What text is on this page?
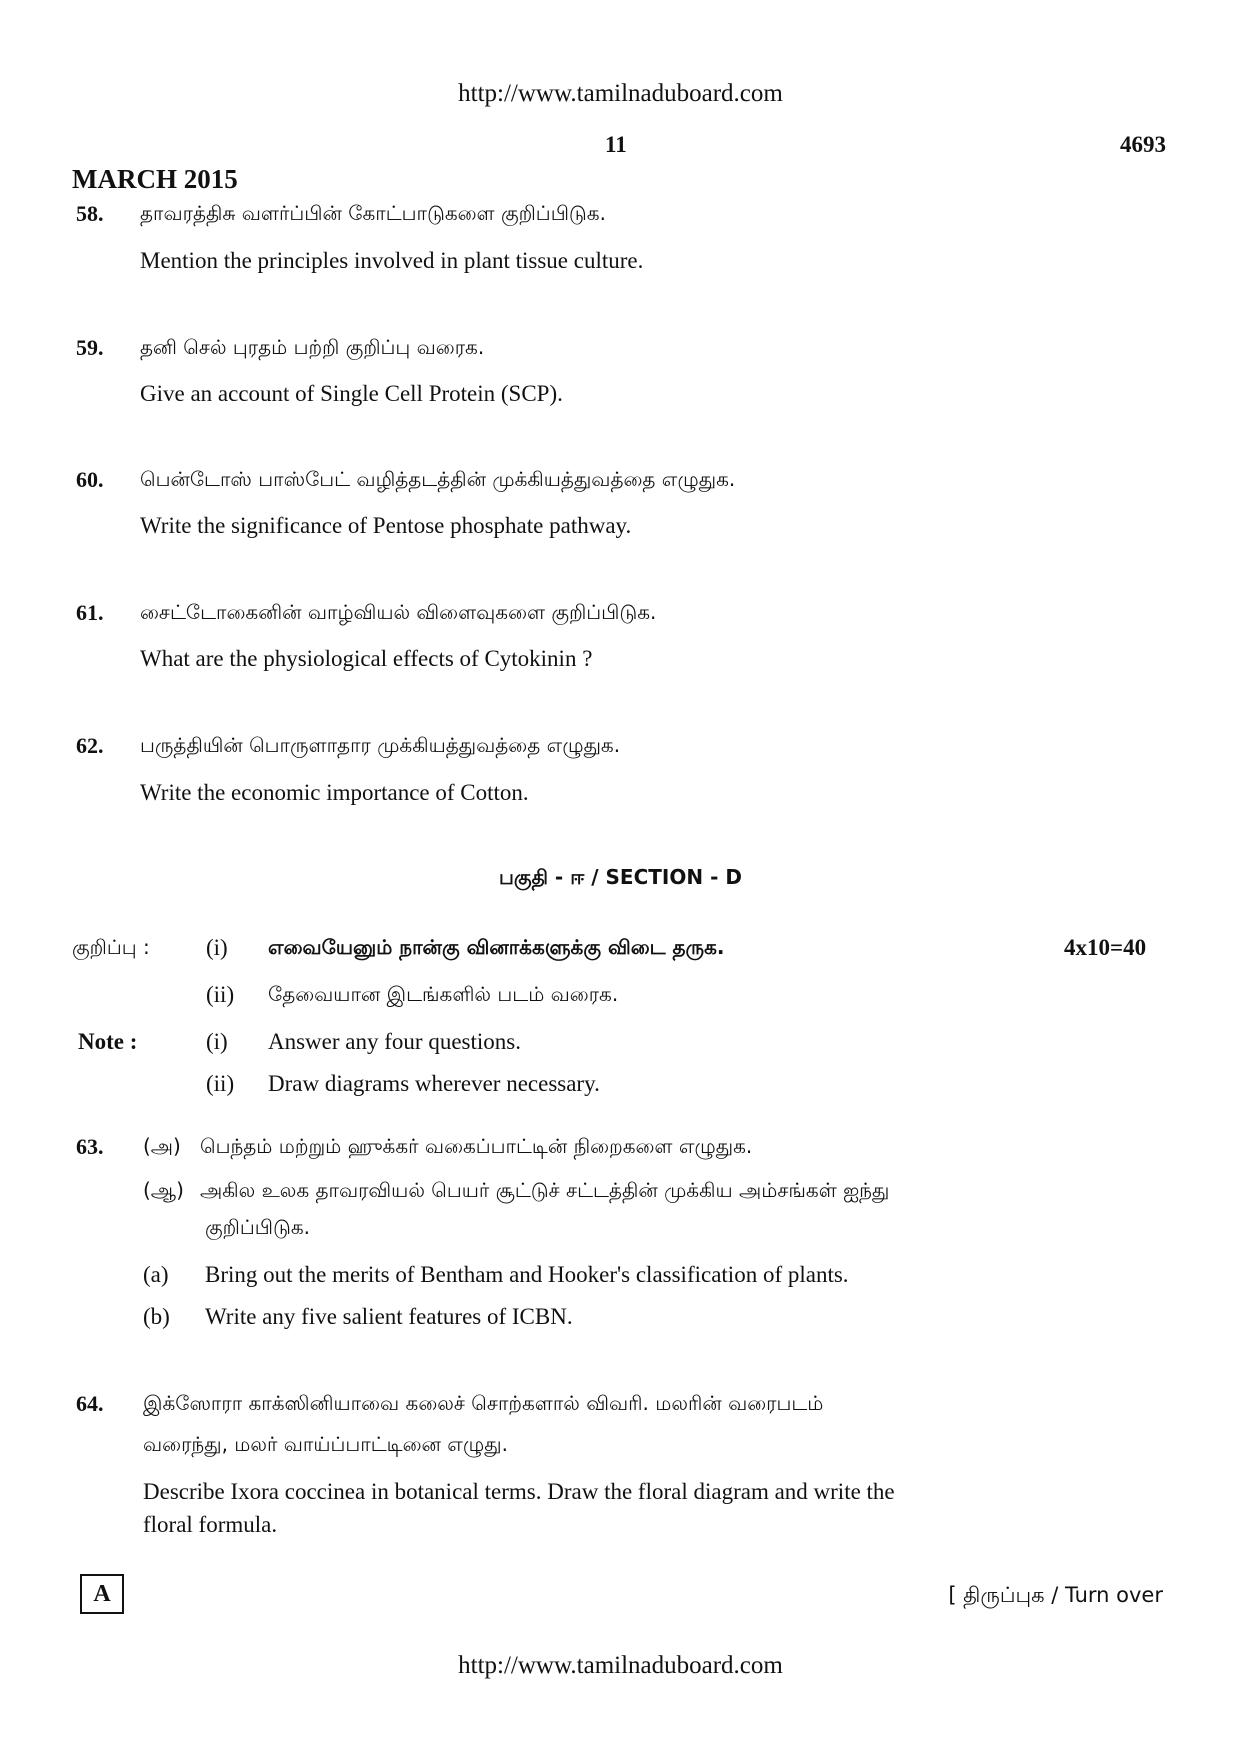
http://www.tamilnaduboard.com
11	4693
MARCH 2015
58. தாவரத்திசு வளர்ப்பின் கோட்பாடுகளை குறிப்பிடுக.
Mention the principles involved in plant tissue culture.
59. தனி செல் புரதம் பற்றி குறிப்பு வரைக.
Give an account of Single Cell Protein (SCP).
60. பென்டோஸ் பாஸ்பேட் வழித்தடத்தின் முக்கியத்துவத்தை எழுதுக.
Write the significance of Pentose phosphate pathway.
61. சைட்டோகைனின் வாழ்வியல் விளைவுகளை குறிப்பிடுக.
What are the physiological effects of Cytokinin ?
62. பருத்தியின் பொருளாதார முக்கியத்துவத்தை எழுதுக.
Write the economic importance of Cotton.
பகுதி - ஈ / SECTION - D
குறிப்பு : (i) எவையேனும் நான்கு வினாக்களுக்கு விடை தருக.	4x10=40
(ii) தேவையான இடங்களில் படம் வரைக.
Note :	(i) Answer any four questions.
(ii) Draw diagrams wherever necessary.
63. (அ) பெந்தம் மற்றும் ஹுக்கர் வகைப்பாட்டின் நிறைகளை எழுதுக.
(ஆ) அகில உலக தாவரவியல் பெயர் சூட்டுச் சட்டத்தின் முக்கிய அம்சங்கள் ஐந்து
குறிப்பிடுக.
(a) Bring out the merits of Bentham and Hooker's classification of plants.
(b) Write any five salient features of ICBN.
64. இக்ஸோரா காக்ஸினியாவை கலைச் சொற்களால் விவரி. மலரின் வரைபடம்
வரைந்து, மலர் வாய்ப்பாட்டினை எழுது.
Describe Ixora coccinea in botanical terms. Draw the floral diagram and write the
floral formula.
A	[ திருப்புக / Turn over
http://www.tamilnaduboard.com
